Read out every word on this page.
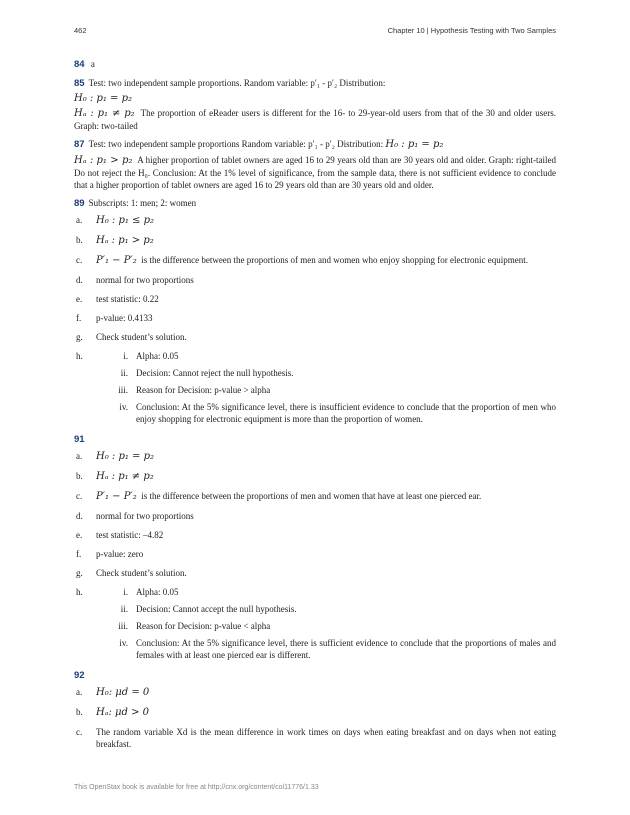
462	Chapter 10 | Hypothesis Testing with Two Samples
84 a
85 Test: two independent sample proportions. Random variable: p′₁ - p′₂ Distribution:
H₀ : p₁ = p₂
Hₐ : p₁ ≠ p₂ The proportion of eReader users is different for the 16- to 29-year-old users from that of the 30 and older users. Graph: two-tailed
87 Test: two independent sample proportions Random variable: p′₁ - p′₂ Distribution: H₀ : p₁ = p₂
Hₐ : p₁ > p₂ A higher proportion of tablet owners are aged 16 to 29 years old than are 30 years old and older. Graph: right-tailed Do not reject the H₀. Conclusion: At the 1% level of significance, from the sample data, there is not sufficient evidence to conclude that a higher proportion of tablet owners are aged 16 to 29 years old than are 30 years old and older.
89 Subscripts: 1: men; 2: women
a. H₀ : p₁ ≤ p₂
b. Hₐ : p₁ > p₂
c. P′₁ − P′₂ is the difference between the proportions of men and women who enjoy shopping for electronic equipment.
d. normal for two proportions
e. test statistic: 0.22
f. p-value: 0.4133
g. Check student’s solution.
h.	i. Alpha: 0.05
ii. Decision: Cannot reject the null hypothesis.
iii. Reason for Decision: p-value > alpha
iv. Conclusion: At the 5% significance level, there is insufficient evidence to conclude that the proportion of men who enjoy shopping for electronic equipment is more than the proportion of women.
91
a. H₀ : p₁ = p₂
b. Hₐ : p₁ ≠ p₂
c. P′₁ − P′₂ is the difference between the proportions of men and women that have at least one pierced ear.
d. normal for two proportions
e. test statistic: –4.82
f. p-value: zero
g. Check student’s solution.
h.	i. Alpha: 0.05
ii. Decision: Cannot accept the null hypothesis.
iii. Reason for Decision: p-value < alpha
iv. Conclusion: At the 5% significance level, there is sufficient evidence to conclude that the proportions of males and females with at least one pierced ear is different.
92
a. H₀: μd = 0
b. Hₐ: μd > 0
c. The random variable Xd is the mean difference in work times on days when eating breakfast and on days when not eating breakfast.
This OpenStax book is available for free at http://cnx.org/content/col11776/1.33
